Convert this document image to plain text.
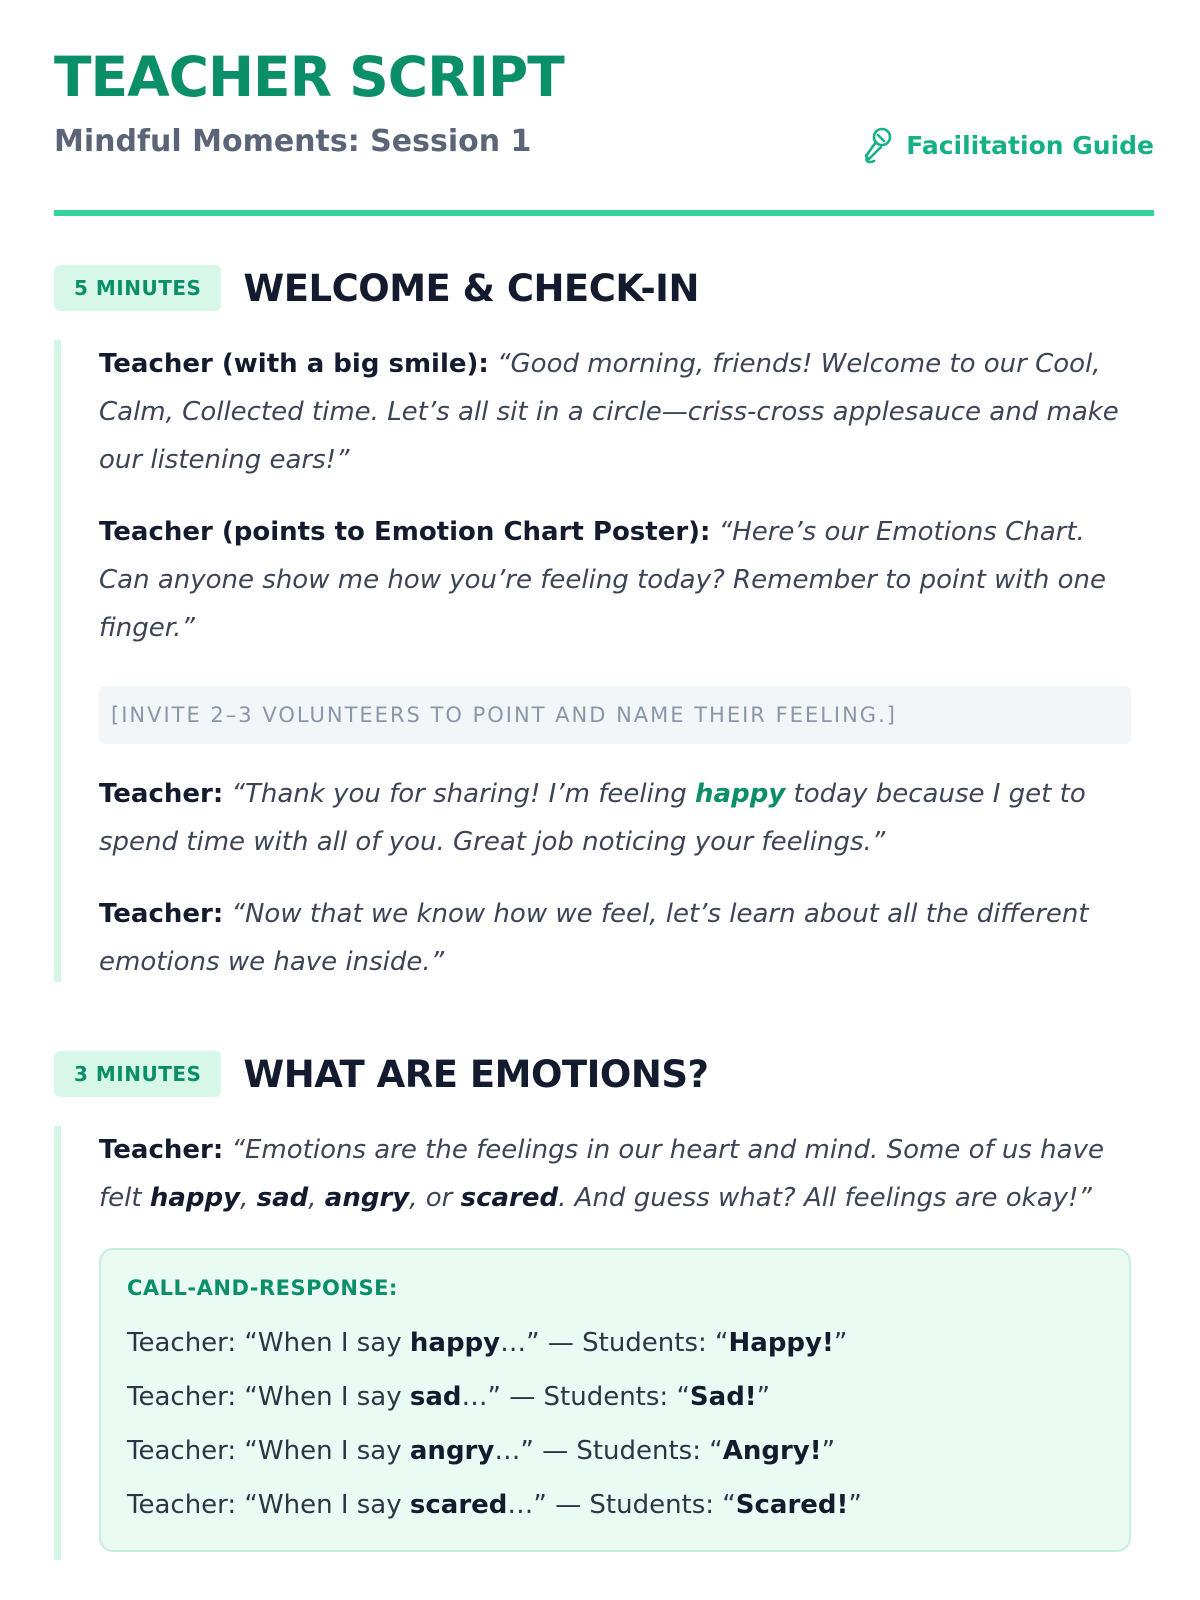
TEACHER SCRIPT
Mindful Moments: Session 1	Facilitation Guide
5 MINUTES	WELCOME & CHECK-IN

Teacher (with a big smile): “Good morning, friends! Welcome to our Cool, Calm, Collected time. Let’s all sit in a circle—criss-cross applesauce and make our listening ears!”

Teacher (points to Emotion Chart Poster): “Here’s our Emotions Chart. Can anyone show me how you’re feeling today? Remember to point with one finger.”

[INVITE 2–3 VOLUNTEERS TO POINT AND NAME THEIR FEELING.]

Teacher: “Thank you for sharing! I’m feeling happy today because I get to spend time with all of you. Great job noticing your feelings.”

Teacher: “Now that we know how we feel, let’s learn about all the different emotions we have inside.”

3 MINUTES	WHAT ARE EMOTIONS?

Teacher: “Emotions are the feelings in our heart and mind. Some of us have felt happy, sad, angry, or scared. And guess what? All feelings are okay!”

CALL-AND-RESPONSE:
Teacher: “When I say happy…” — Students: “Happy!”
Teacher: “When I say sad…” — Students: “Sad!”
Teacher: “When I say angry…” — Students: “Angry!”
Teacher: “When I say scared…” — Students: “Scared!”
